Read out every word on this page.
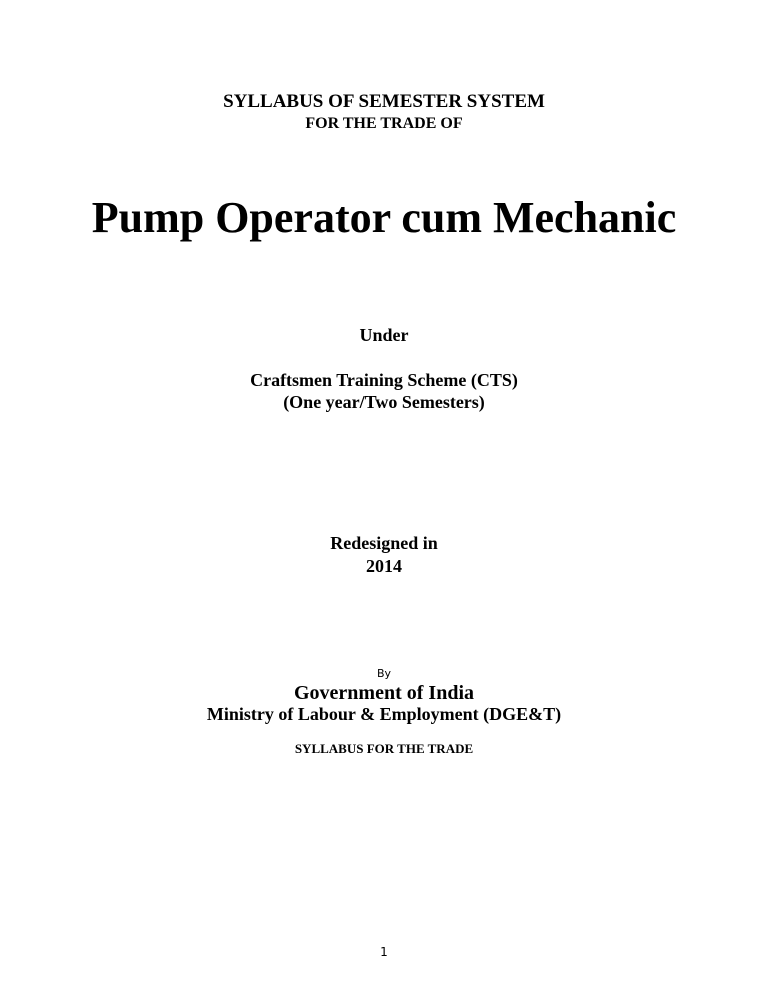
SYLLABUS OF SEMESTER SYSTEM
FOR THE TRADE OF
Pump Operator cum Mechanic
Under
Craftsmen Training Scheme (CTS)
(One year/Two Semesters)
Redesigned in
2014
By
Government of India
Ministry of Labour & Employment (DGE&T)
SYLLABUS FOR THE TRADE
1
